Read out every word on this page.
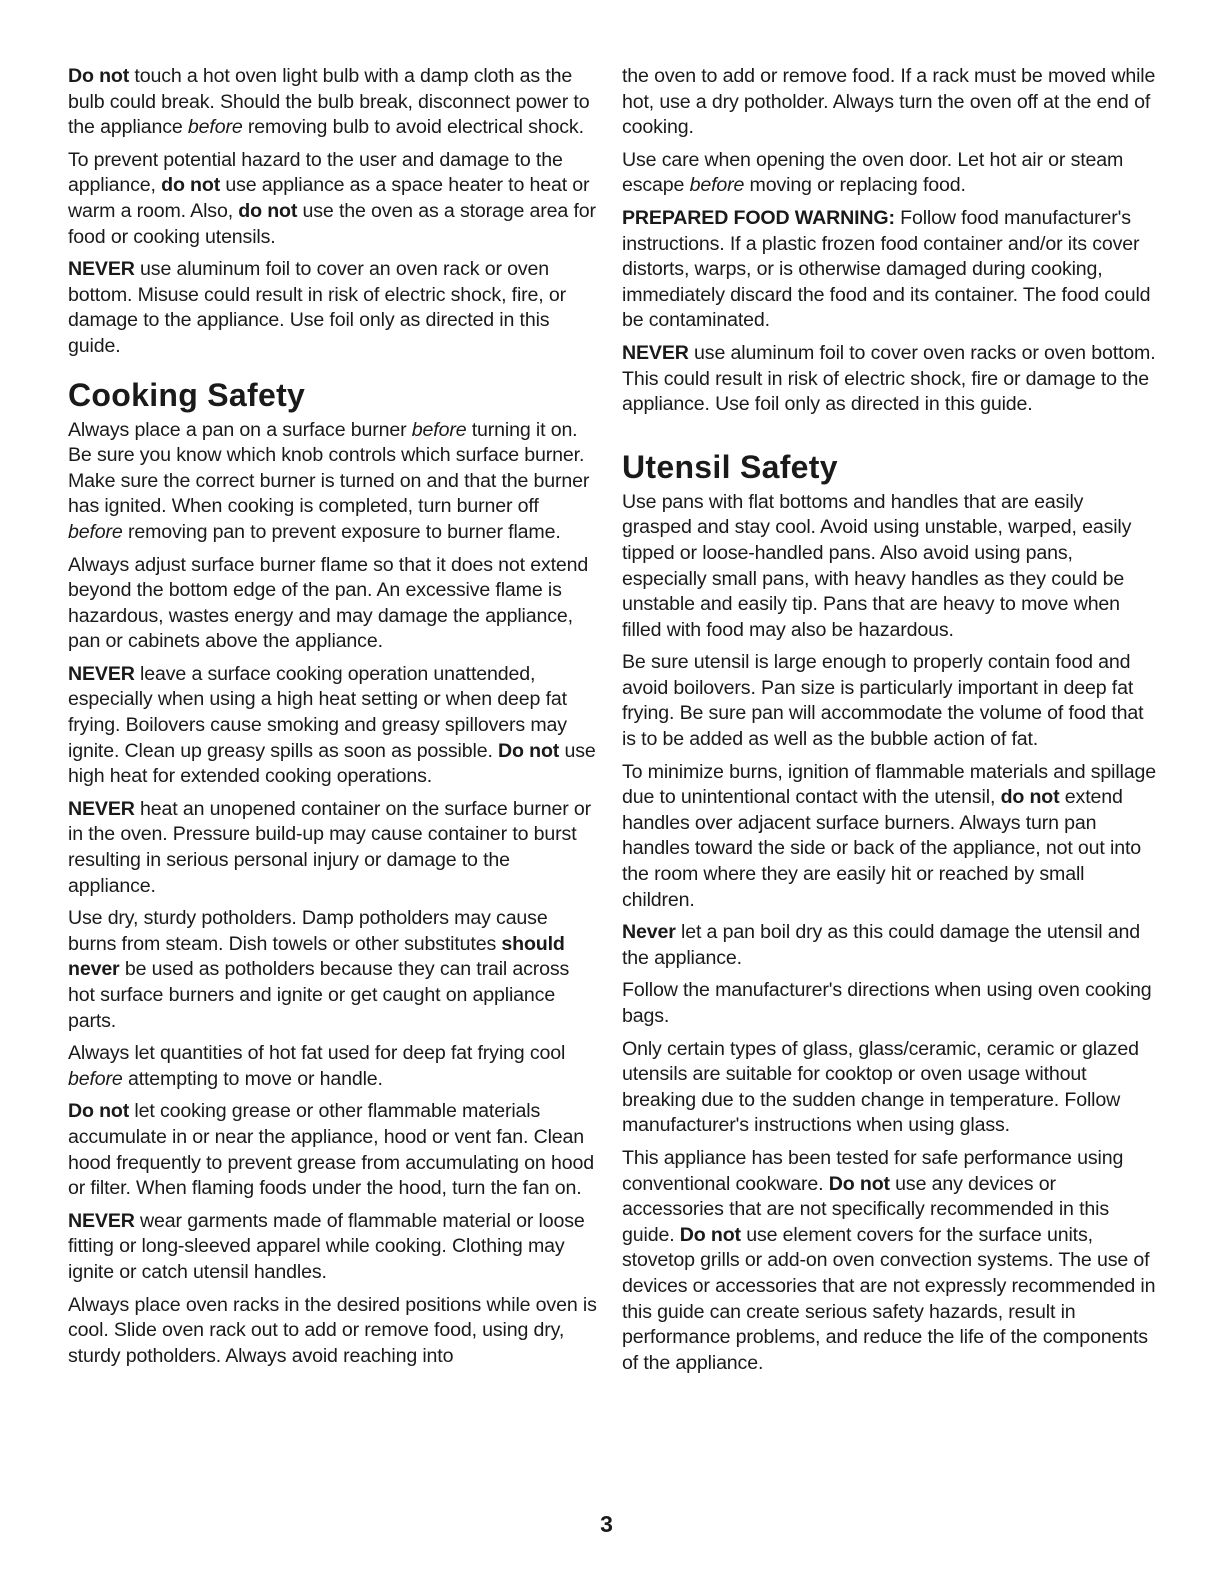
Do not touch a hot oven light bulb with a damp cloth as the bulb could break. Should the bulb break, disconnect power to the appliance before removing bulb to avoid electrical shock.

To prevent potential hazard to the user and damage to the appliance, do not use appliance as a space heater to heat or warm a room. Also, do not use the oven as a storage area for food or cooking utensils.

NEVER use aluminum foil to cover an oven rack or oven bottom. Misuse could result in risk of electric shock, fire, or damage to the appliance. Use foil only as directed in this guide.

Cooking Safety

Always place a pan on a surface burner before turning it on. Be sure you know which knob controls which surface burner. Make sure the correct burner is turned on and that the burner has ignited. When cooking is completed, turn burner off before removing pan to prevent exposure to burner flame.

Always adjust surface burner flame so that it does not extend beyond the bottom edge of the pan. An excessive flame is hazardous, wastes energy and may damage the appliance, pan or cabinets above the appliance.

NEVER leave a surface cooking operation unattended, especially when using a high heat setting or when deep fat frying. Boilovers cause smoking and greasy spillovers may ignite. Clean up greasy spills as soon as possible. Do not use high heat for extended cooking operations.

NEVER heat an unopened container on the surface burner or in the oven. Pressure build-up may cause container to burst resulting in serious personal injury or damage to the appliance.

Use dry, sturdy potholders. Damp potholders may cause burns from steam. Dish towels or other substitutes should never be used as potholders because they can trail across hot surface burners and ignite or get caught on appliance parts.

Always let quantities of hot fat used for deep fat frying cool before attempting to move or handle.

Do not let cooking grease or other flammable materials accumulate in or near the appliance, hood or vent fan. Clean hood frequently to prevent grease from accumulating on hood or filter. When flaming foods under the hood, turn the fan on.

NEVER wear garments made of flammable material or loose fitting or long-sleeved apparel while cooking. Clothing may ignite or catch utensil handles.

Always place oven racks in the desired positions while oven is cool. Slide oven rack out to add or remove food, using dry, sturdy potholders. Always avoid reaching into

the oven to add or remove food. If a rack must be moved while hot, use a dry potholder. Always turn the oven off at the end of cooking.

Use care when opening the oven door. Let hot air or steam escape before moving or replacing food.

PREPARED FOOD WARNING: Follow food manufacturer's instructions. If a plastic frozen food container and/or its cover distorts, warps, or is otherwise damaged during cooking, immediately discard the food and its container. The food could be contaminated.

NEVER use aluminum foil to cover oven racks or oven bottom. This could result in risk of electric shock, fire or damage to the appliance. Use foil only as directed in this guide.

Utensil Safety

Use pans with flat bottoms and handles that are easily grasped and stay cool. Avoid using unstable, warped, easily tipped or loose-handled pans. Also avoid using pans, especially small pans, with heavy handles as they could be unstable and easily tip. Pans that are heavy to move when filled with food may also be hazardous.

Be sure utensil is large enough to properly contain food and avoid boilovers. Pan size is particularly important in deep fat frying. Be sure pan will accommodate the volume of food that is to be added as well as the bubble action of fat.

To minimize burns, ignition of flammable materials and spillage due to unintentional contact with the utensil, do not extend handles over adjacent surface burners. Always turn pan handles toward the side or back of the appliance, not out into the room where they are easily hit or reached by small children.

Never let a pan boil dry as this could damage the utensil and the appliance.

Follow the manufacturer's directions when using oven cooking bags.

Only certain types of glass, glass/ceramic, ceramic or glazed utensils are suitable for cooktop or oven usage without breaking due to the sudden change in temperature. Follow manufacturer's instructions when using glass.

This appliance has been tested for safe performance using conventional cookware. Do not use any devices or accessories that are not specifically recommended in this guide. Do not use element covers for the surface units, stovetop grills or add-on oven convection systems. The use of devices or accessories that are not expressly recommended in this guide can create serious safety hazards, result in performance problems, and reduce the life of the components of the appliance.

3
